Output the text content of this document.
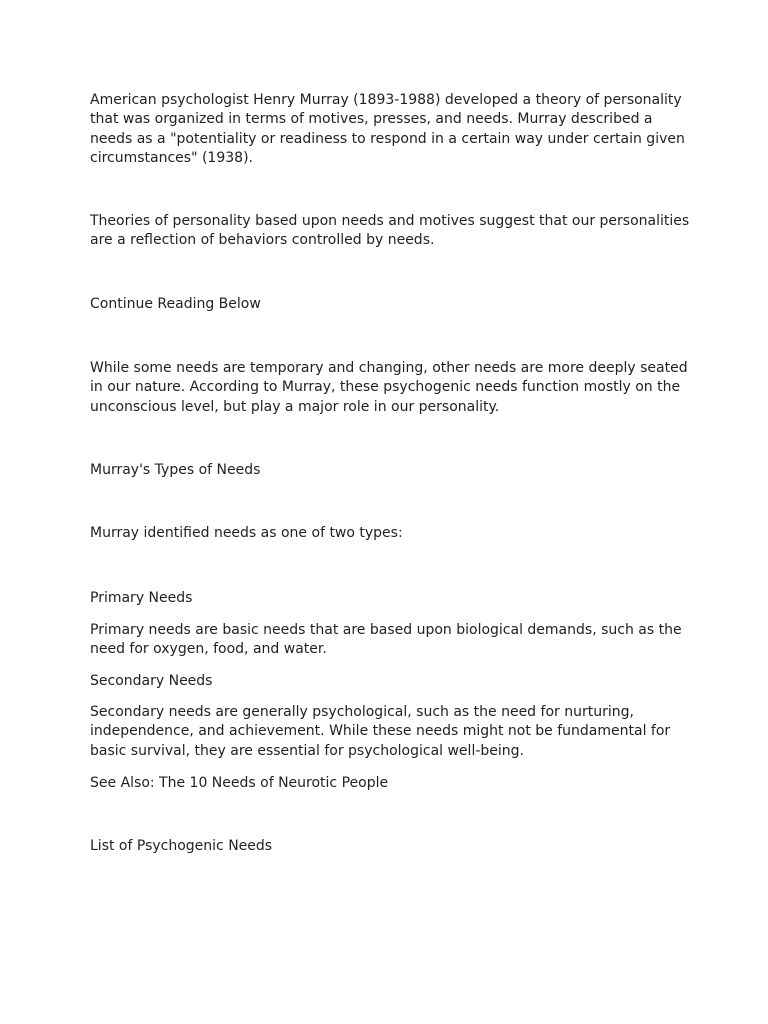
American psychologist Henry Murray (1893-1988) developed a theory of personality that was organized in terms of motives, presses, and needs. Murray described a needs as a "potentiality or readiness to respond in a certain way under certain given circumstances" (1938).

Theories of personality based upon needs and motives suggest that our personalities are a reflection of behaviors controlled by needs.

Continue Reading Below

While some needs are temporary and changing, other needs are more deeply seated in our nature. According to Murray, these psychogenic needs function mostly on the unconscious level, but play a major role in our personality.

Murray's Types of Needs

Murray identified needs as one of two types:

Primary Needs

Primary needs are basic needs that are based upon biological demands, such as the need for oxygen, food, and water.

Secondary Needs

Secondary needs are generally psychological, such as the need for nurturing, independence, and achievement. While these needs might not be fundamental for basic survival, they are essential for psychological well-being.

See Also: The 10 Needs of Neurotic People

List of Psychogenic Needs
